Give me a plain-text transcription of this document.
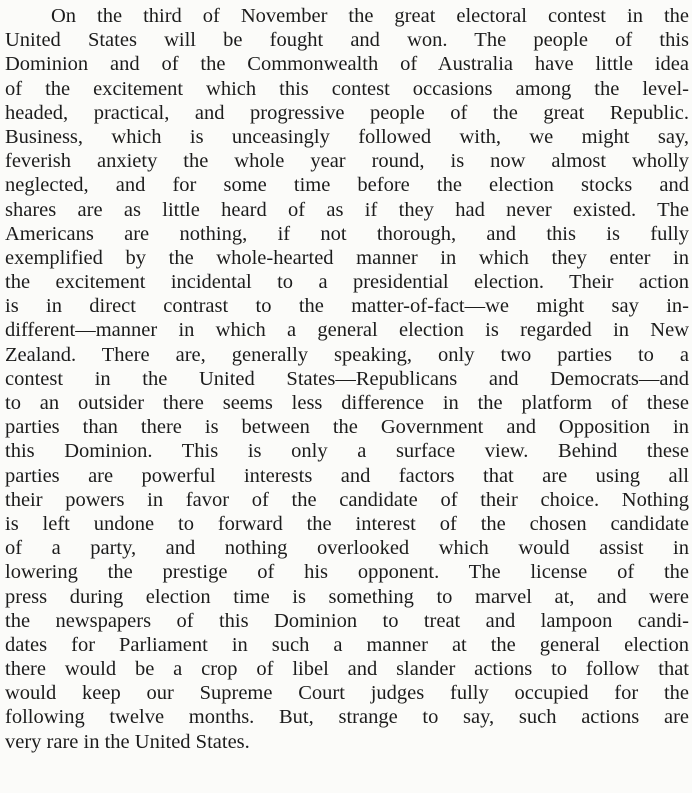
On the third of November the great electoral contest in the
United States will be fought and won. The people of this
Dominion and of the Commonwealth of Australia have little idea
of the excitement which this contest occasions among the level-
headed, practical, and progressive people of the great Republic.
Business, which is unceasingly followed with, we might say,
feverish anxiety the whole year round, is now almost wholly
neglected, and for some time before the election stocks and
shares are as little heard of as if they had never existed. The
Americans are nothing, if not thorough, and this is fully
exemplified by the whole-hearted manner in which they enter in
the excitement incidental to a presidential election. Their action
is in direct contrast to the matter-of-fact—we might say in-
different—manner in which a general election is regarded in New
Zealand. There are, generally speaking, only two parties to a
contest in the United States—Republicans and Democrats—and
to an outsider there seems less difference in the platform of these
parties than there is between the Government and Opposition in
this Dominion. This is only a surface view. Behind these
parties are powerful interests and factors that are using all
their powers in favor of the candidate of their choice. Nothing
is left undone to forward the interest of the chosen candidate
of a party, and nothing overlooked which would assist in
lowering the prestige of his opponent. The license of the
press during election time is something to marvel at, and were
the newspapers of this Dominion to treat and lampoon candi-
dates for Parliament in such a manner at the general election
there would be a crop of libel and slander actions to follow that
would keep our Supreme Court judges fully occupied for the
following twelve months. But, strange to say, such actions are
very rare in the United States.
